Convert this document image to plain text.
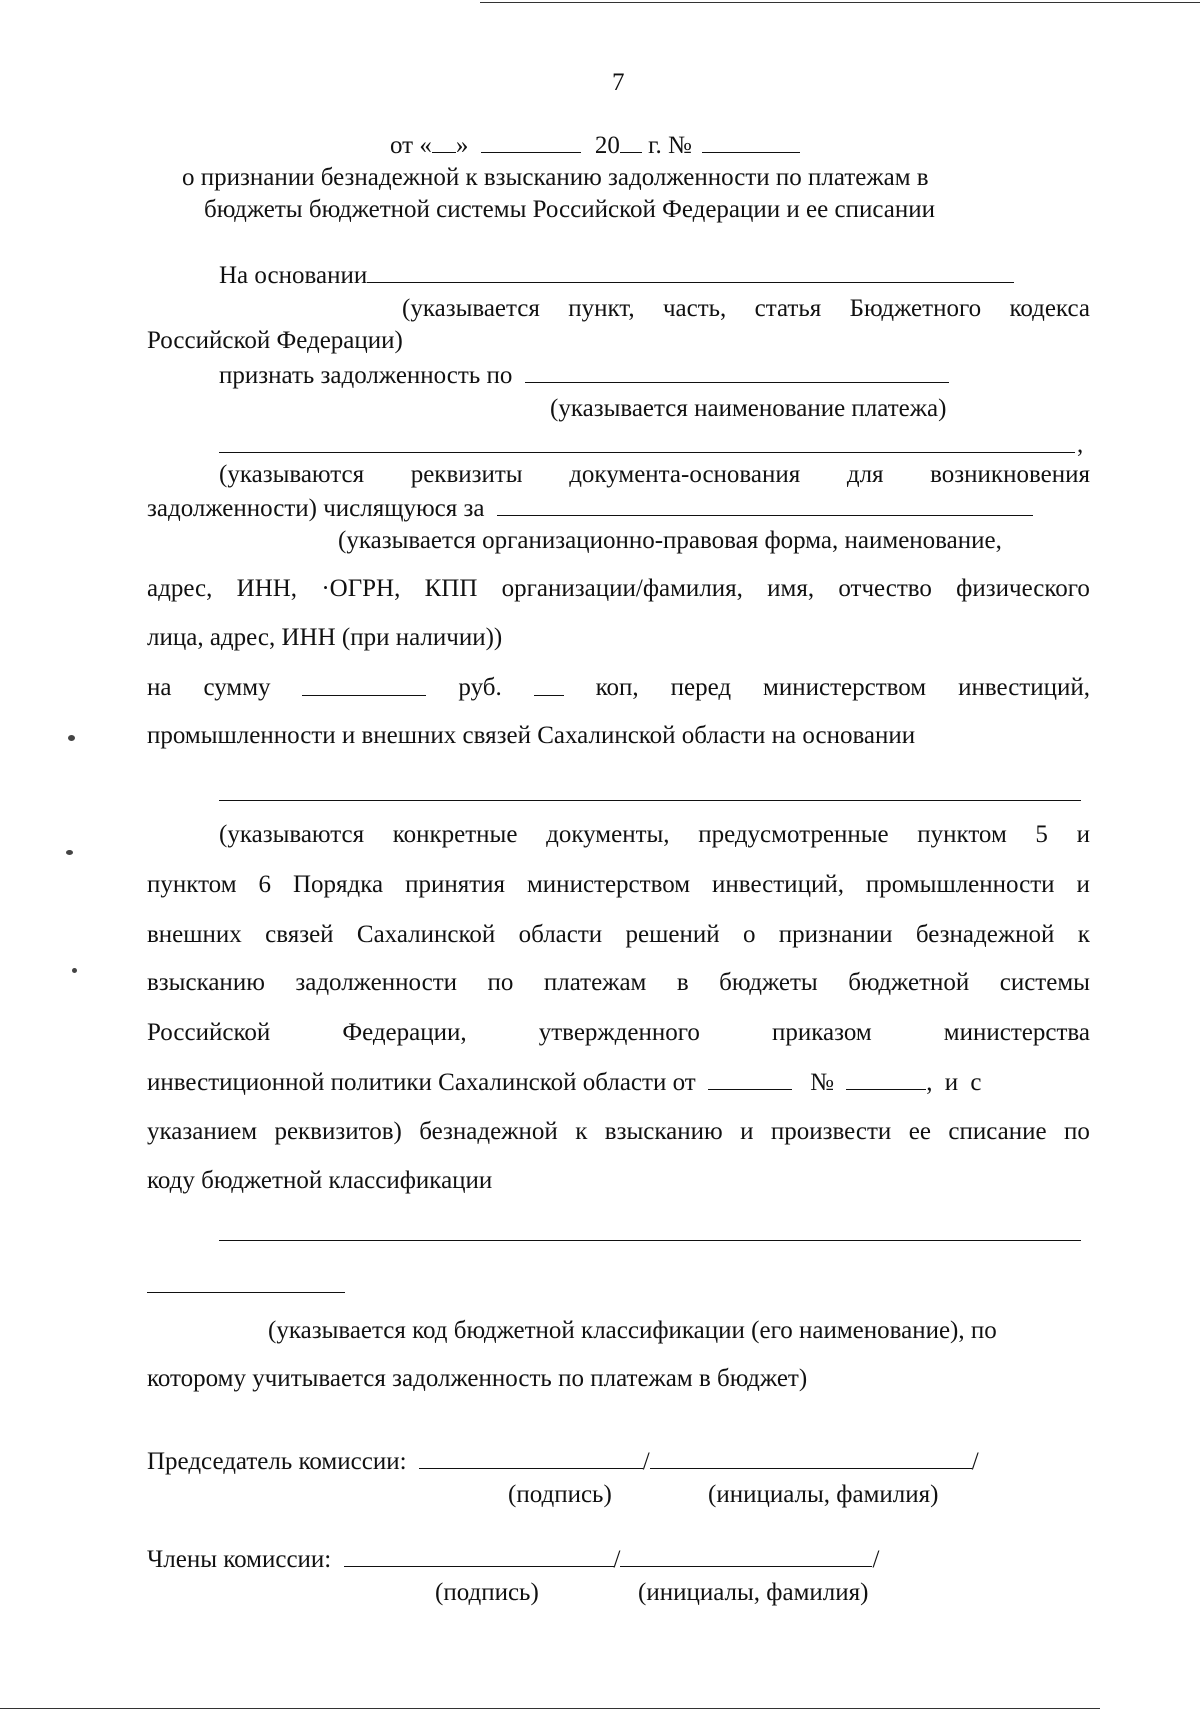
7
от « »	20 г. №
о признании безнадежной к взысканию задолженности по платежам в
бюджеты бюджетной системы Российской Федерации и ее списании
На основании
(указывается пункт, часть, статья Бюджетного кодекса
Российской Федерации)
признать задолженность по
(указывается наименование платежа)
,
(указываются реквизиты документа-основания для возникновения
задолженности) числящуюся за
(указывается организационно-правовая форма, наименование,
адрес, ИНН, ·ОГРН, КПП организации/фамилия, имя, отчество физического
лица, адрес, ИНН (при наличии))
на сумму	руб.	коп, перед министерством инвестиций,
промышленности и внешних связей Сахалинской области на основании
(указываются конкретные документы, предусмотренные пунктом 5 и
пунктом 6 Порядка принятия министерством инвестиций, промышленности и
внешних связей Сахалинской области решений о признании безнадежной к
взысканию задолженности по платежам в бюджеты бюджетной системы
Российской	Федерации,	утвержденного	приказом	министерства
инвестиционной политики Сахалинской области от	№	, и с
указанием реквизитов) безнадежной к взысканию и произвести ее списание по
коду бюджетной классификации
(указывается код бюджетной классификации (его наименование), по
которому учитывается задолженность по платежам в бюджет)
Председатель комиссии:	/	/
(подпись)	(инициалы, фамилия)
Члены комиссии:	/	/
(подпись)	(инициалы, фамилия)
